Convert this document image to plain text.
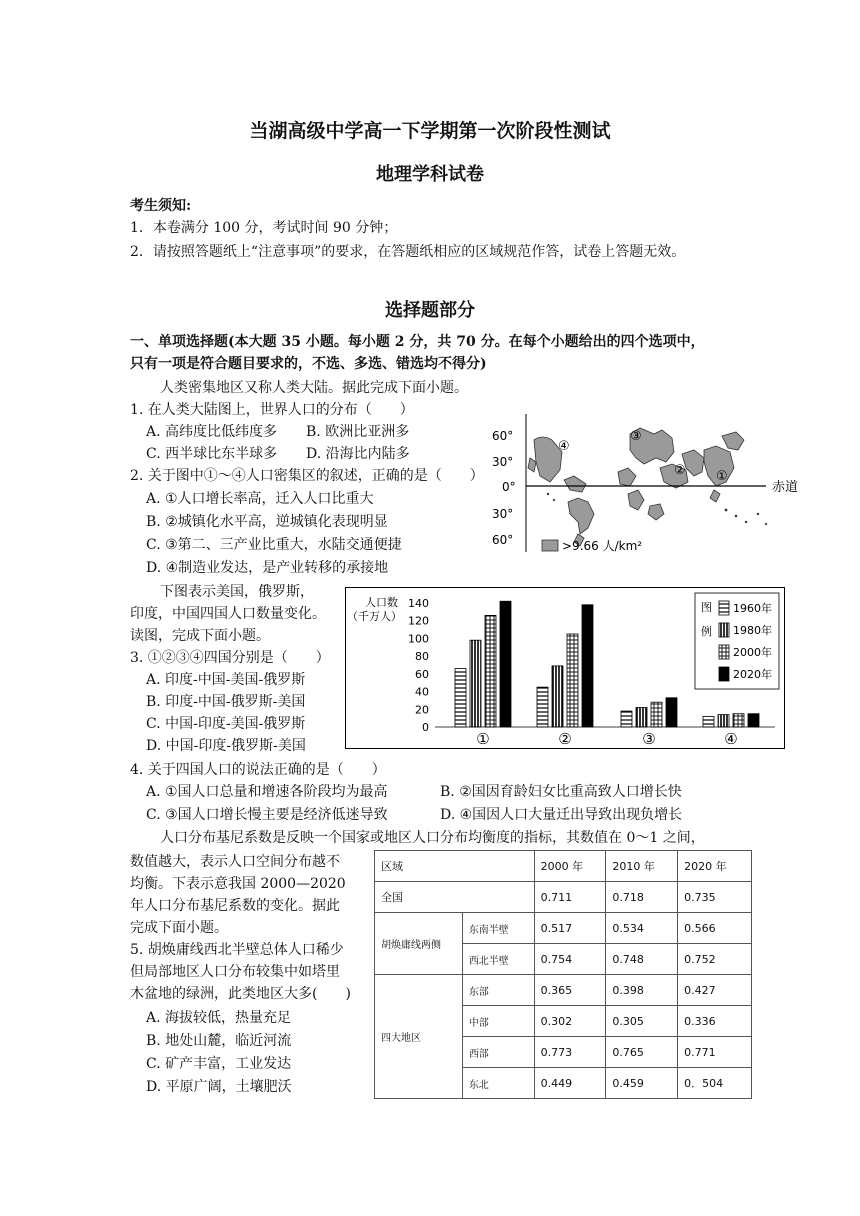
当湖高级中学高一下学期第一次阶段性测试
地理学科试卷
考生须知:
1．本卷满分 100 分，考试时间 90 分钟；
2．请按照答题纸上“注意事项”的要求，在答题纸相应的区域规范作答，试卷上答题无效。
选择题部分
一、单项选择题(本大题 35 小题。每小题 2 分，共 70 分。在每个小题给出的四个选项中，
只有一项是符合题目要求的，不选、多选、错选均不得分)
人类密集地区又称人类大陆。据此完成下面小题。
1. 在人类大陆图上，世界人口的分布（　　）
A. 高纬度比低纬度多 B. 欧洲比亚洲多
C. 西半球比东半球多 D. 沿海比内陆多
2. 关于图中①～④人口密集区的叙述，正确的是（　　）
A. ①人口增长率高，迁入人口比重大
B. ②城镇化水平高，逆城镇化表现明显
C. ③第二、三产业比重大，水陆交通便捷
D. ④制造业发达，是产业转移的承接地
60°
30°
0°
30°
60°
赤道
①
②
③
④
>9.66 人/km²
下图表示美国，俄罗斯，
印度，中国四国人口数量变化。
读图，完成下面小题。
3. ①②③④四国分别是（　　）
A. 印度-中国-美国-俄罗斯
B. 印度-中国-俄罗斯-美国
C. 中国-印度-美国-俄罗斯
D. 中国-印度-俄罗斯-美国
人口数
（千万人）
0
20
40
60
80
100
120
140
①	②	③	④
图
例
1960年
1980年
2000年
2020年
4. 关于四国人口的说法正确的是（　　）
A. ①国人口总量和增速各阶段均为最高	B. ②国因育龄妇女比重高致人口增长快
C. ③国人口增长慢主要是经济低迷导致	D. ④国因人口大量迁出导致出现负增长
人口分布基尼系数是反映一个国家或地区人口分布均衡度的指标，其数值在 0～1 之间，
数值越大，表示人口空间分布越不
均衡。下表示意我国 2000—2020
年人口分布基尼系数的变化。据此
完成下面小题。
5. 胡焕庸线西北半壁总体人口稀少
但局部地区人口分布较集中如塔里
木盆地的绿洲，此类地区大多(　　)
A. 海拔较低，热量充足
B. 地处山麓，临近河流
C. 矿产丰富，工业发达
D. 平原广阔，土壤肥沃
区域		2000 年	2010 年	2020 年
全国		0.711	0.718	0.735
胡焕庸线两侧	东南半壁	0.517	0.534	0.566
	西北半壁	0.754	0.748	0.752
四大地区	东部	0.365	0.398	0.427
	中部	0.302	0.305	0.336
	西部	0.773	0.765	0.771
	东北	0.449	0.459	0．504
